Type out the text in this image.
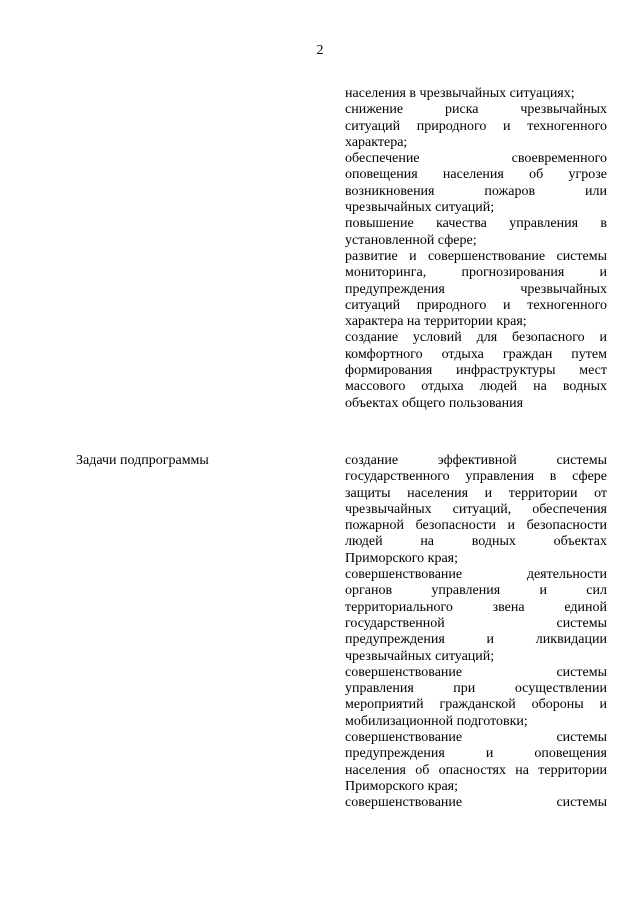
2
населения в чрезвычайных ситуациях;
снижение риска чрезвычайных
ситуаций природного и техногенного
характера;
обеспечение своевременного
оповещения населения об угрозе
возникновения пожаров или
чрезвычайных ситуаций;
повышение качества управления в
установленной сфере;
развитие и совершенствование системы
мониторинга, прогнозирования и
предупреждения чрезвычайных
ситуаций природного и техногенного
характера на территории края;
создание условий для безопасного и
комфортного отдыха граждан путем
формирования инфраструктуры мест
массового отдыха людей на водных
объектах общего пользования
Задачи подпрограммы	создание эффективной системы
государственного управления в сфере
защиты населения и территории от
чрезвычайных ситуаций, обеспечения
пожарной безопасности и безопасности
людей на водных объектах
Приморского края;
совершенствование деятельности
органов управления и сил
территориального звена единой
государственной системы
предупреждения и ликвидации
чрезвычайных ситуаций;
совершенствование системы
управления при осуществлении
мероприятий гражданской обороны и
мобилизационной подготовки;
совершенствование системы
предупреждения и оповещения
населения об опасностях на территории
Приморского края;
совершенствование системы
